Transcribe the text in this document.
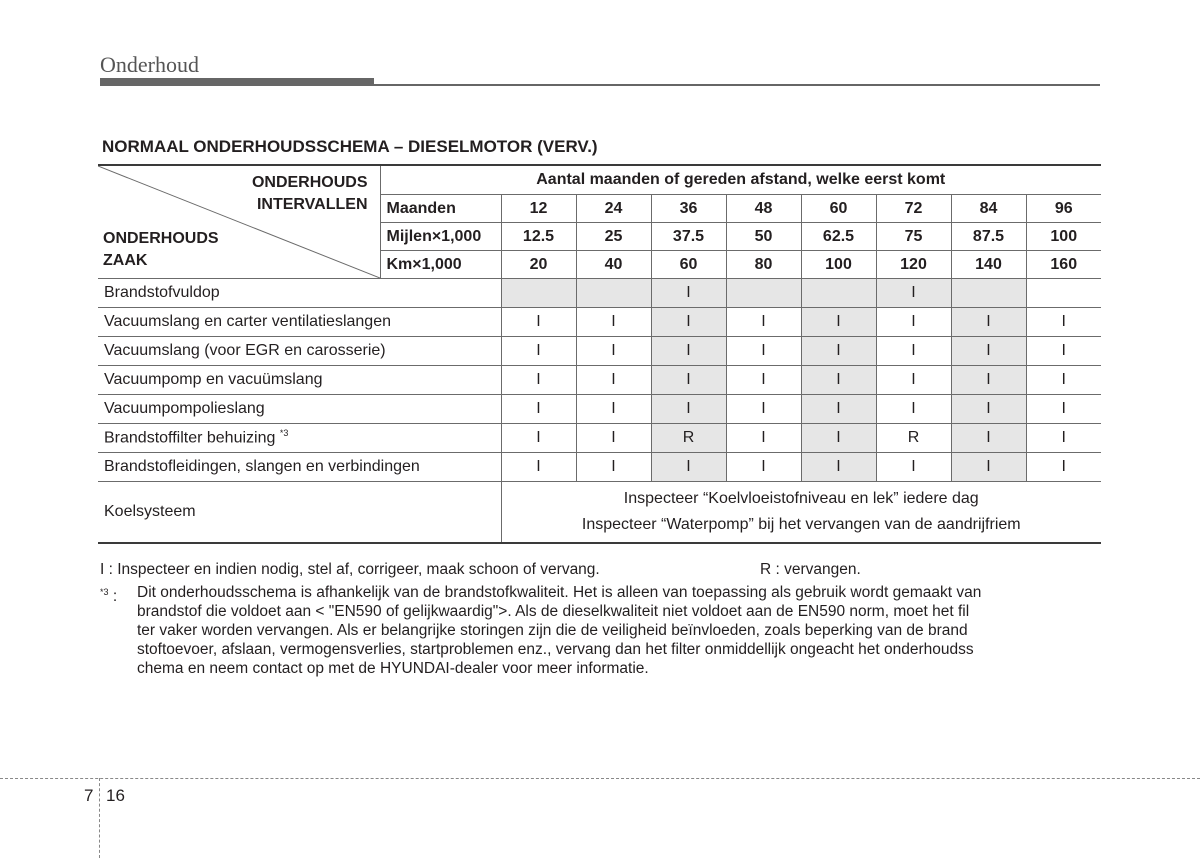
Onderhoud
NORMAAL ONDERHOUDSSCHEMA – DIESELMOTOR (VERV.)
ONDERHOUDS
INTERVALLEN
ONDERHOUDS
ZAAK	Aantal maanden of gereden afstand, welke eerst komt								
	Maanden	12	24	36	48	60	72	84	96
	Mijlen×1,000	12.5	25	37.5	50	62.5	75	87.5	100
	Km×1,000	20	40	60	80	100	120	140	160
Brandstofvuldop				I			I		
Vacuumslang en carter ventilatieslangen		I	I	I	I	I	I	I	I
Vacuumslang (voor EGR en carosserie)		I	I	I	I	I	I	I	I
Vacuumpomp en vacuümslang		I	I	I	I	I	I	I	I
Vacuumpompolieslang		I	I	I	I	I	I	I	I
Brandstoffilter behuizing $^{*3}$		I	I	R	I	I	R	I	I
Brandstofleidingen, slangen en verbindingen		I	I	I	I	I	I	I	I
Koelsysteem		Inspecteer “Koelvloeistofniveau en lek” iedere dag
Inspecteer “Waterpomp” bij het vervangen van de aandrijfriem							
I : Inspecteer en indien nodig, stel af, corrigeer, maak schoon of vervang.	R : vervangen.
$^{*3}$ : Dit onderhoudsschema is afhankelijk van de brandstofkwaliteit. Het is alleen van toepassing als gebruik wordt gemaakt van
brandstof die voldoet aan < "EN590 of gelijkwaardig">. Als de dieselkwaliteit niet voldoet aan de EN590 norm, moet het fil
ter vaker worden vervangen. Als er belangrijke storingen zijn die de veiligheid beïnvloeden, zoals beperking van de brand
stoftoevoer, afslaan, vermogensverlies, startproblemen enz., vervang dan het filter onmiddellijk ongeacht het onderhoudss
chema en neem contact op met de HYUNDAI-dealer voor meer informatie.
7 16
